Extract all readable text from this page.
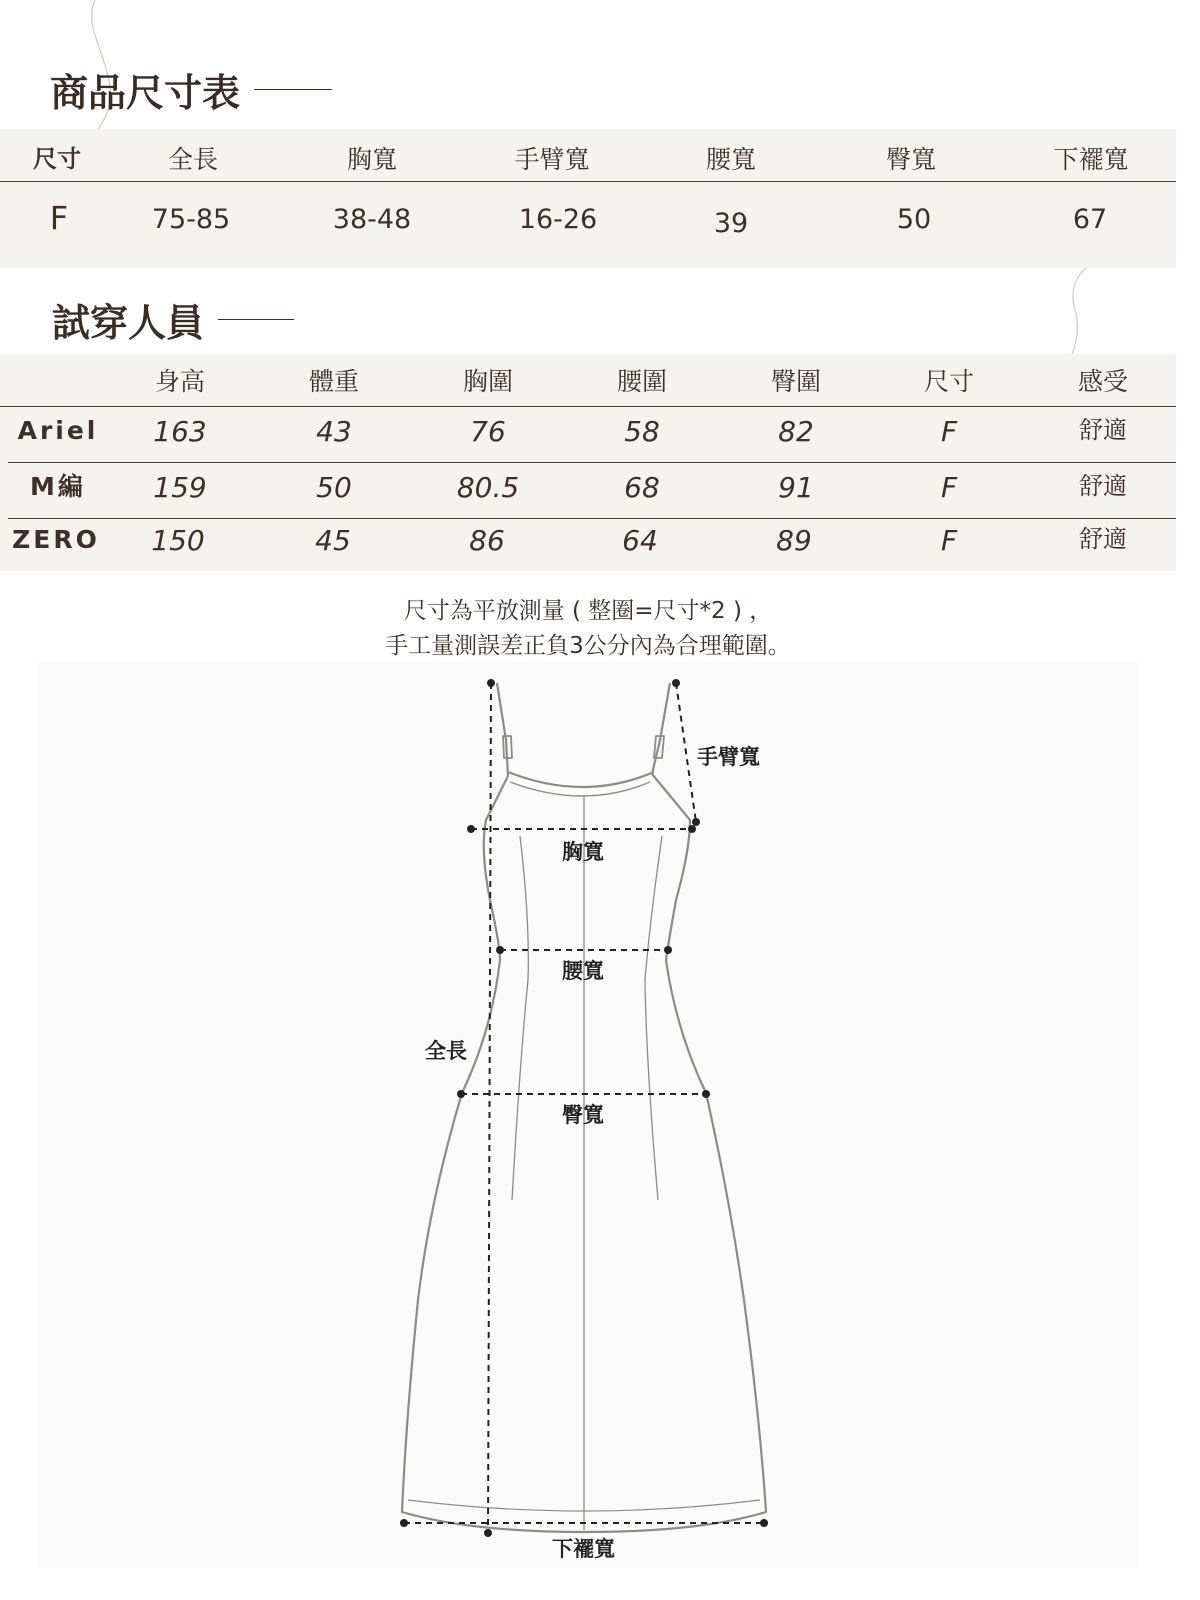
商品尺寸表
尺寸	全長	胸寬	手臂寬	腰寬	臀寬	下襬寬
F	75-85	38-48	16-26	39	50	67
試穿人員
身高	體重	胸圍	腰圍	臀圍	尺寸	感受
Ariel 163	43	76	58	82	F	舒適
M編 159	50	80.5	68	91	F	舒適
ZERO 150	45	86	64	89	F	舒適
尺寸為平放測量 ( 整圈=尺寸*2 ) ，
手工量測誤差正負3公分內為合理範圍。
手臂寬
胸寬
腰寬
全長
臀寬
下襬寬
